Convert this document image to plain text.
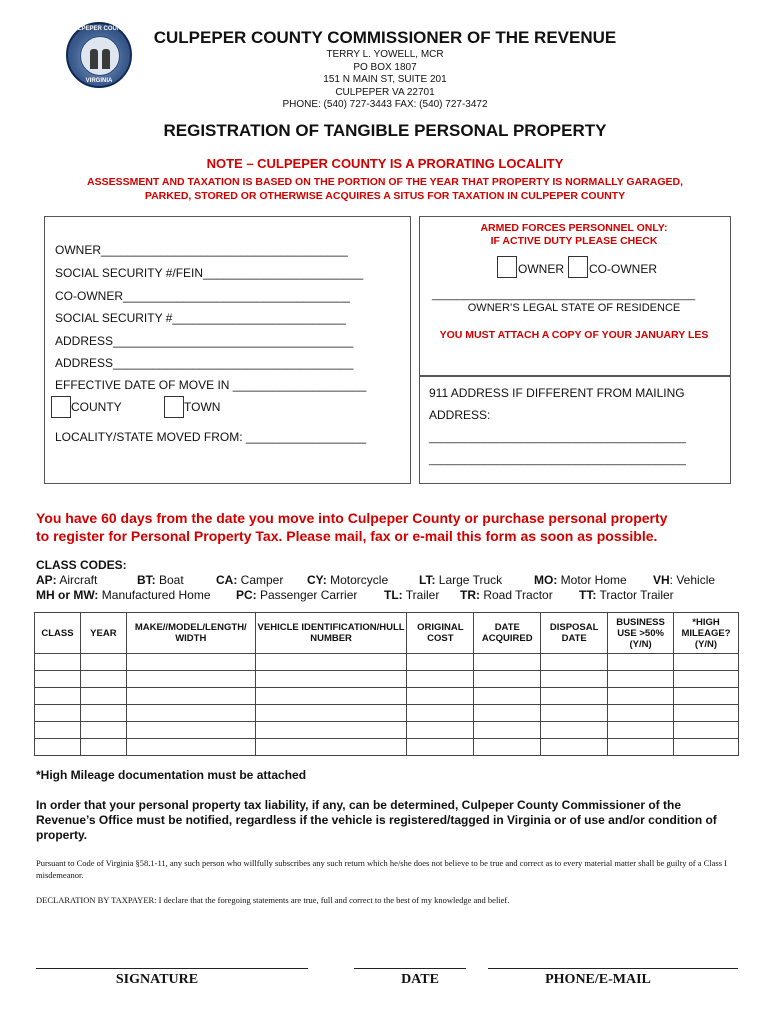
CULPEPER COUNTY
VIRGINIA
CULPEPER COUNTY COMMISSIONER OF THE REVENUE
TERRY L. YOWELL, MCR
PO BOX 1807
151 N MAIN ST, SUITE 201
CULPEPER VA 22701
PHONE: (540) 727-3443 FAX: (540) 727-3472
REGISTRATION OF TANGIBLE PERSONAL PROPERTY
NOTE – CULPEPER COUNTY IS A PRORATING LOCALITY
ASSESSMENT AND TAXATION IS BASED ON THE PORTION OF THE YEAR THAT PROPERTY IS NORMALLY GARAGED,
PARKED, STORED OR OTHERWISE ACQUIRES A SITUS FOR TAXATION IN CULPEPER COUNTY
OWNER_____________________________________
SOCIAL SECURITY #/FEIN________________________
CO-OWNER__________________________________
SOCIAL SECURITY #__________________________
ADDRESS____________________________________
ADDRESS____________________________________
EFFECTIVE DATE OF MOVE IN ____________________
COUNTY	TOWN
LOCALITY/STATE MOVED FROM: __________________
ARMED FORCES PERSONNEL ONLY:
IF ACTIVE DUTY PLEASE CHECK
OWNER CO-OWNER
___________________________________________
OWNER’S LEGAL STATE OF RESIDENCE
YOU MUST ATTACH A COPY OF YOUR JANUARY LES
911 ADDRESS IF DIFFERENT FROM MAILING
ADDRESS:
__________________________________________
__________________________________________
You have 60 days from the date you move into Culpeper County or purchase personal property
to register for Personal Property Tax. Please mail, fax or e-mail this form as soon as possible.
CLASS CODES:
AP: Aircraft	BT: Boat	CA: Camper CY: Motorcycle	LT: Large Truck	MO: Motor Home VH: Vehicle
MH or MW: Manufactured Home PC: Passenger Carrier TL: Trailer TR: Road Tractor TT: Tractor Trailer
CLASS	YEAR	MAKE//MODEL/LENGTH/ WIDTH	VEHICLE IDENTIFICATION/HULL NUMBER	ORIGINAL COST	DATE ACQUIRED	DISPOSAL DATE	BUSINESS USE >50% (Y/N)	*HIGH MILEAGE? (Y/N)

*High Mileage documentation must be attached
In order that your personal property tax liability, if any, can be determined, Culpeper County Commissioner of the Revenue’s Office must be notified, regardless if the vehicle is registered/tagged in Virginia or of use and/or condition of property.
Pursuant to Code of Virginia §58.1-11, any such person who willfully subscribes any such return which he/she does not believe to be true and correct as to every material matter shall be guilty of a Class I misdemeanor.
DECLARATION BY TAXPAYER: I declare that the foregoing statements are true, full and correct to the best of my knowledge and belief.
SIGNATURE	DATE	PHONE/E-MAIL
